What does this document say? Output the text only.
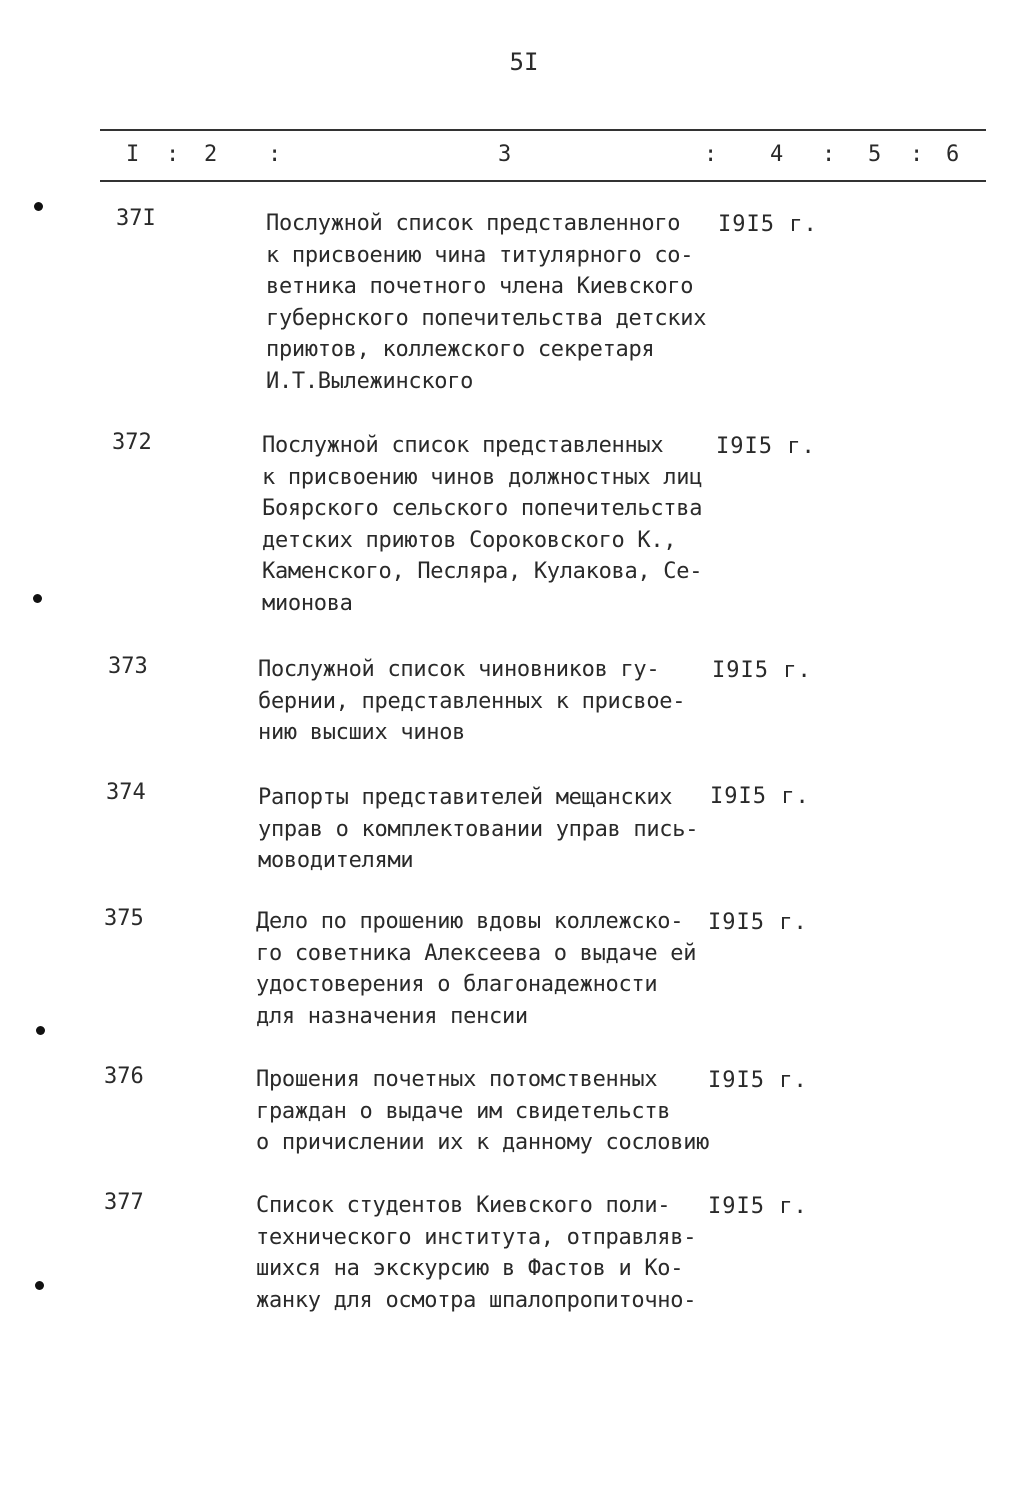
5I
I : 2 :	3	: 4 : 5 : 6
37I	Послужной список представленного
к присвоению чина титулярного со-
ветника почетного члена Киевского
губернского попечительства детских
приютов, коллежского секретаря
И.Т.Вылежинского
I9I5 г.
372	Послужной список представленных
к присвоению чинов должностных лиц
Боярского сельского попечительства
детских приютов Сороковского К.,
Каменского, Песляра, Кулакова, Се-
мионова
I9I5 г.
373	Послужной список чиновников гу-
бернии, представленных к присвое-
нию высших чинов
I9I5 г.
374	Рапорты представителей мещанских
управ о комплектовании управ пись-
моводителями
I9I5 г.
375	Дело по прошению вдовы коллежско-
го советника Алексеева о выдаче ей
удостоверения о благонадежности
для назначения пенсии
I9I5 г.
376	Прошения почетных потомственных
граждан о выдаче им свидетельств
о причислении их к данному сословию
I9I5 г.
377	Список студентов Киевского поли-
технического института, отправляв-
шихся на экскурсию в Фастов и Ко-
жанку для осмотра шпалопропиточно-
I9I5 г.
